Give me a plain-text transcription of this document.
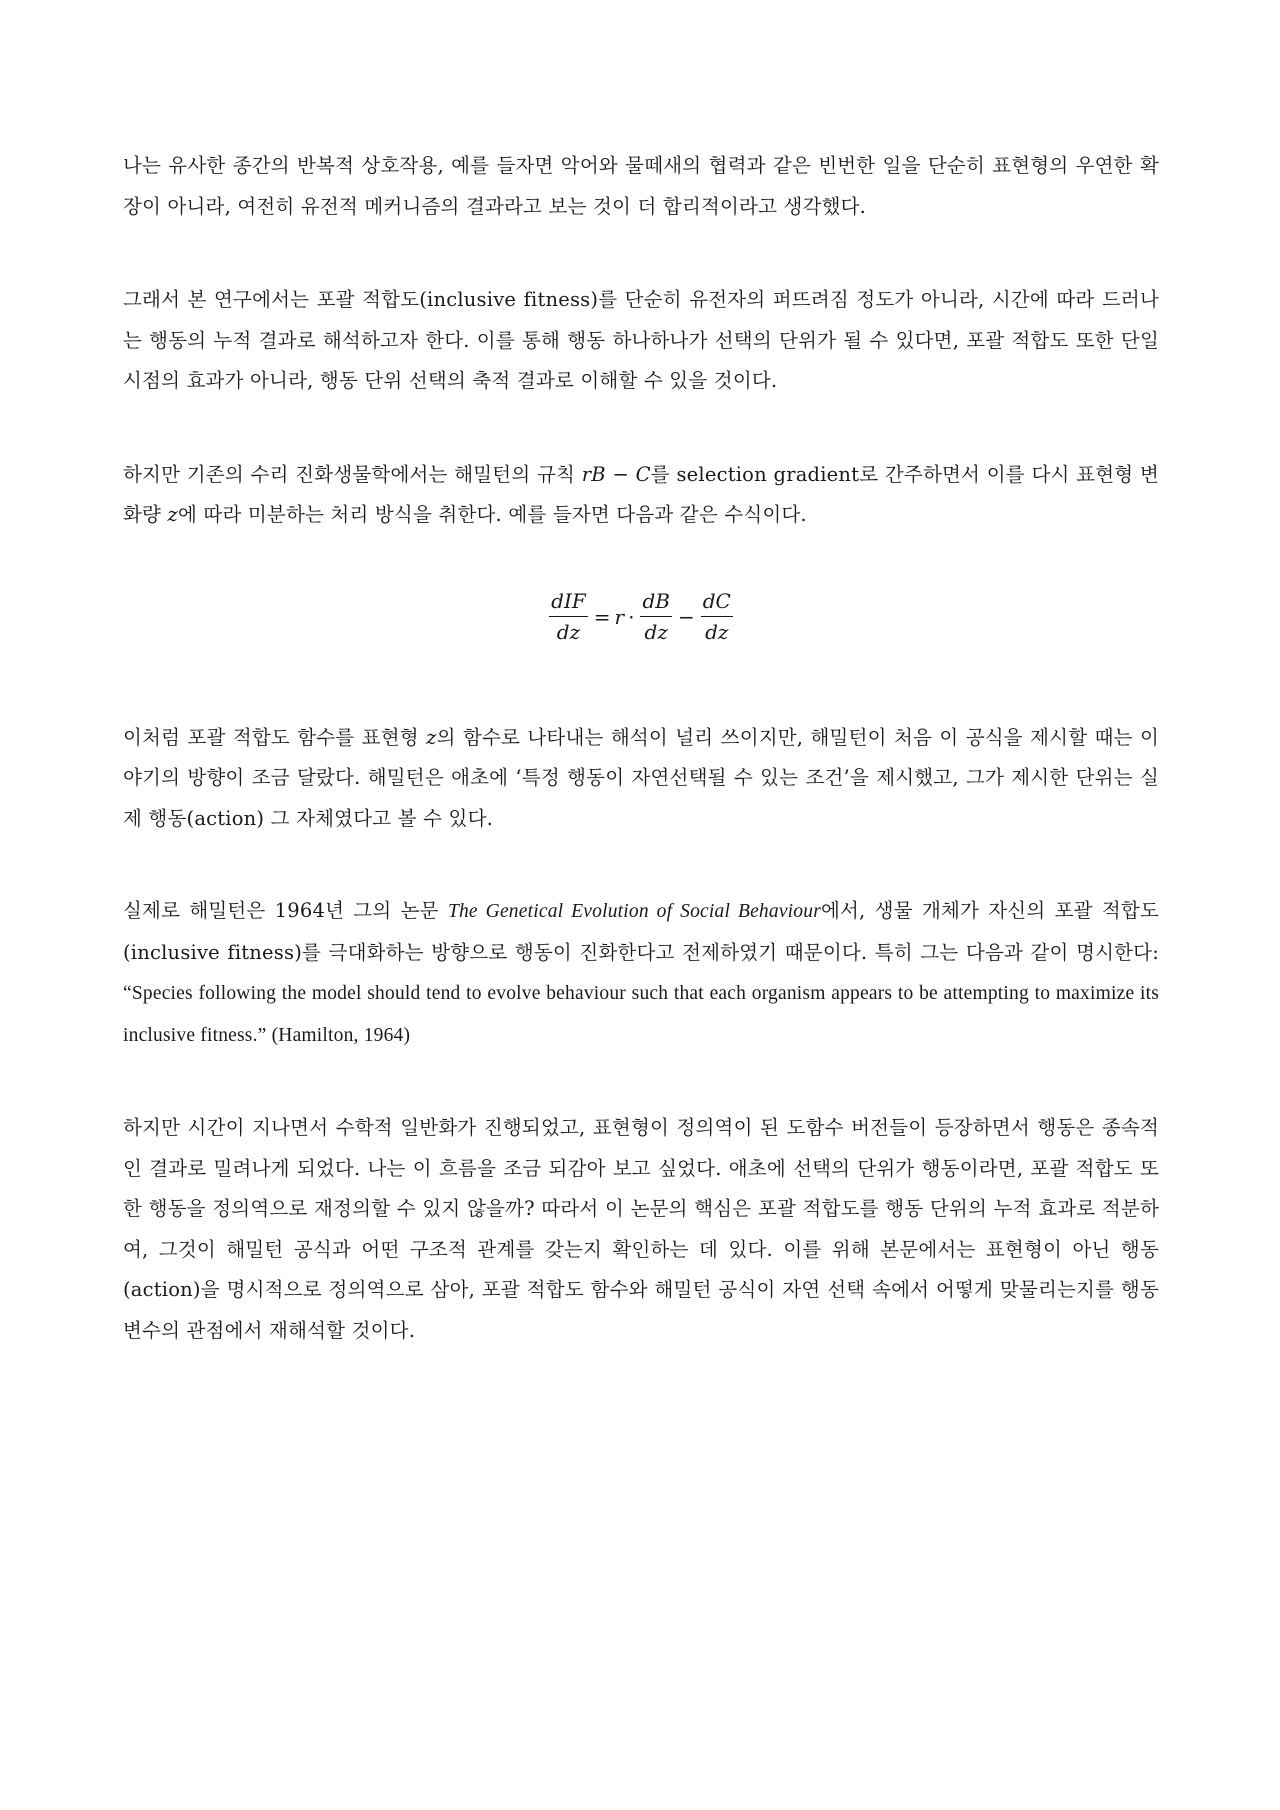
나는 유사한 종간의 반복적 상호작용, 예를 들자면 악어와 물떼새의 협력과 같은 빈번한 일을 단순히 표현형의 우연한 확장이 아니라, 여전히 유전적 메커니즘의 결과라고 보는 것이 더 합리적이라고 생각했다.

그래서 본 연구에서는 포괄 적합도(inclusive fitness)를 단순히 유전자의 퍼뜨려짐 정도가 아니라, 시간에 따라 드러나는 행동의 누적 결과로 해석하고자 한다. 이를 통해 행동 하나하나가 선택의 단위가 될 수 있다면, 포괄 적합도 또한 단일 시점의 효과가 아니라, 행동 단위 선택의 축적 결과로 이해할 수 있을 것이다.

하지만 기존의 수리 진화생물학에서는 해밀턴의 규칙 rB − C를 selection gradient로 간주하면서 이를 다시 표현형 변화량 z에 따라 미분하는 처리 방식을 취한다. 예를 들자면 다음과 같은 수식이다.

$\frac{\text{dIF}}{dz} = r \cdot \frac{dB}{dz} - \frac{dC}{dz}$

이처럼 포괄 적합도 함수를 표현형 z의 함수로 나타내는 해석이 널리 쓰이지만, 해밀턴이 처음 이 공식을 제시할 때는 이야기의 방향이 조금 달랐다. 해밀턴은 애초에 ‘특정 행동이 자연선택될 수 있는 조건’을 제시했고, 그가 제시한 단위는 실제 행동(action) 그 자체였다고 볼 수 있다.

실제로 해밀턴은 1964년 그의 논문 The Genetical Evolution of Social Behaviour에서, 생물 개체가 자신의 포괄 적합도(inclusive fitness)를 극대화하는 방향으로 행동이 진화한다고 전제하였기 때문이다. 특히 그는 다음과 같이 명시한다: “Species following the model should tend to evolve behaviour such that each organism appears to be attempting to maximize its inclusive fitness.” (Hamilton, 1964)

하지만 시간이 지나면서 수학적 일반화가 진행되었고, 표현형이 정의역이 된 도함수 버전들이 등장하면서 행동은 종속적인 결과로 밀려나게 되었다. 나는 이 흐름을 조금 되감아 보고 싶었다. 애초에 선택의 단위가 행동이라면, 포괄 적합도 또한 행동을 정의역으로 재정의할 수 있지 않을까? 따라서 이 논문의 핵심은 포괄 적합도를 행동 단위의 누적 효과로 적분하여, 그것이 해밀턴 공식과 어떤 구조적 관계를 갖는지 확인하는 데 있다. 이를 위해 본문에서는 표현형이 아닌 행동(action)을 명시적으로 정의역으로 삼아, 포괄 적합도 함수와 해밀턴 공식이 자연 선택 속에서 어떻게 맞물리는지를 행동 변수의 관점에서 재해석할 것이다.
